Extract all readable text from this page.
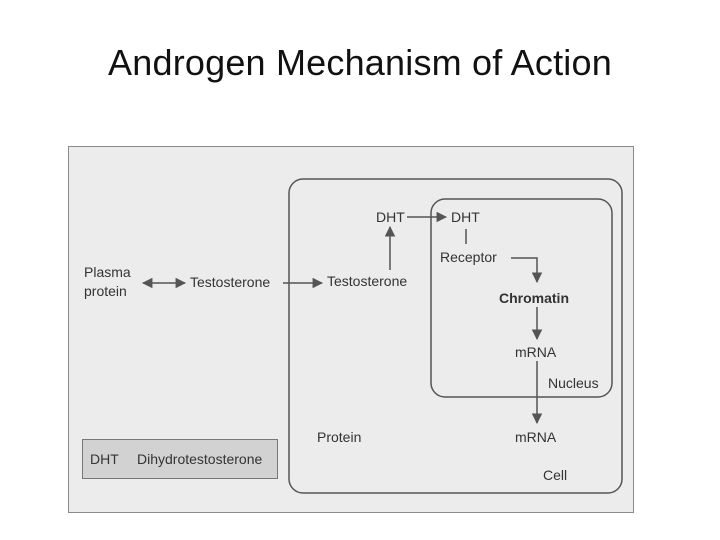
Androgen Mechanism of Action
Plasma
protein
Testosterone	Testosterone
DHT	DHT
Receptor
Chromatin
mRNA
Nucleus
Protein	mRNA
Cell
DHT Dihydrotestosterone
